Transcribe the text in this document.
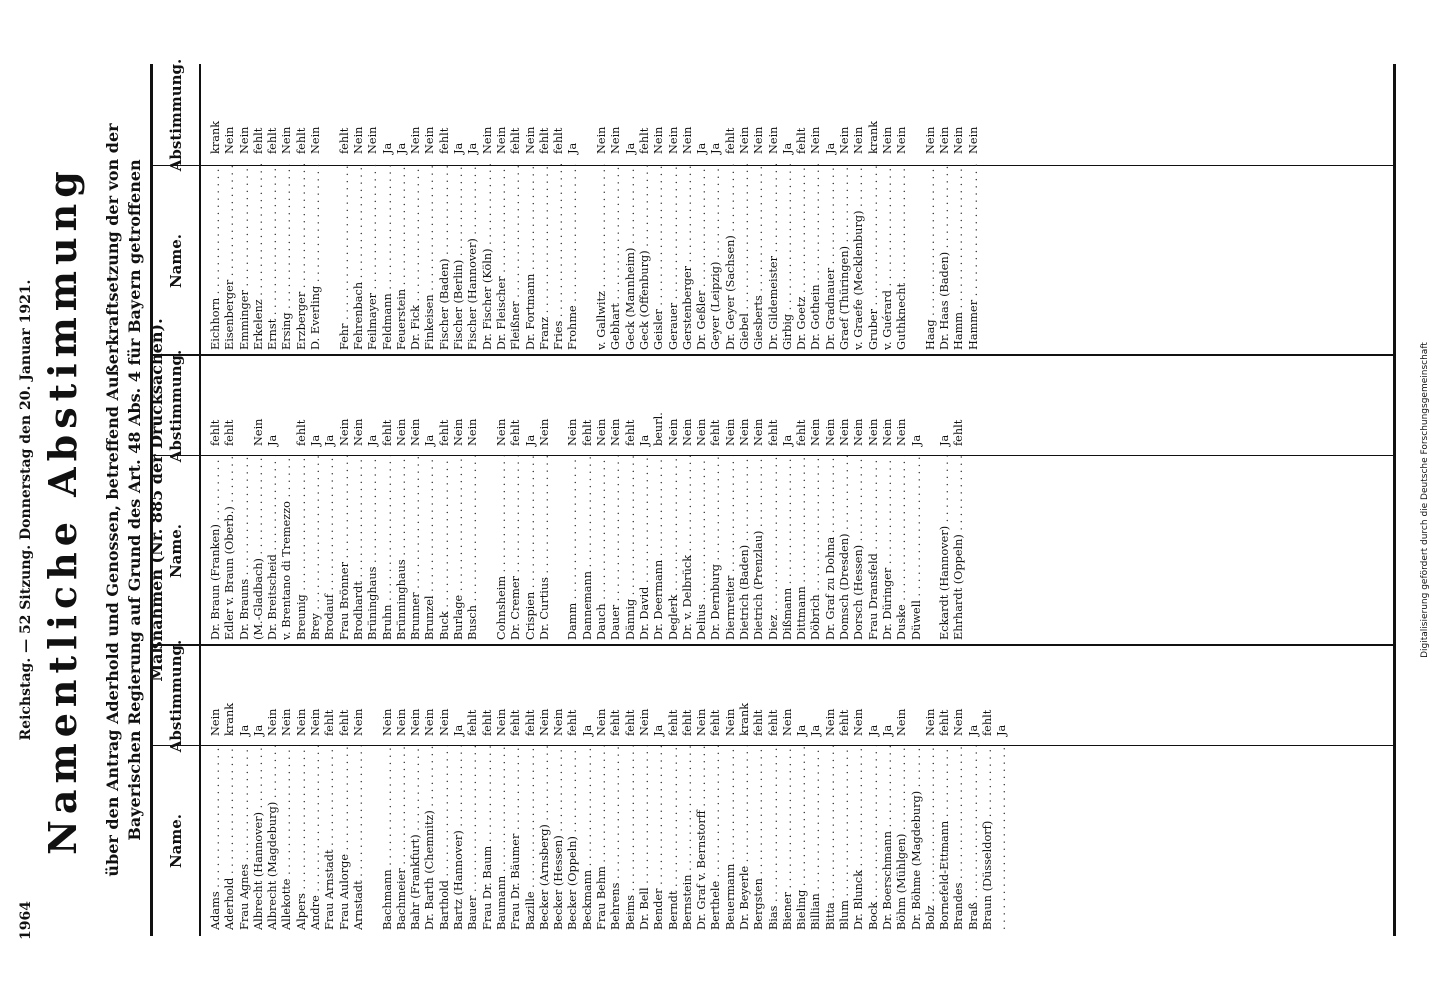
1964
Reichstag. — 52 Sitzung. Donnerstag den 20. Januar 1921. Namentliche Abstimmung über den Antrag Aderhold und Genossen, betreffend Außerkraftsetzung der von der Bayerischen Regierung auf Grund des Art. 48 Abs. 4 für Bayern getroffenen Maßnahmen (Nr. 885 der Drucksachen).
Name.
Abstimmung.
Name.
Abstimmung.
Name.
Abstimmung.
Adams . . .
Nein
Aderhold . . .
krank
Frau Agnes . . .
Ja
Albrecht (Hannover) . . .
Ja
Albrecht (Magdeburg) . . .
Nein
Allekotte . . .
Nein
Alpers . . .
Nein
Andre . . .
Nein
Frau Arnstadt . . .
fehlt
Frau Aulorge . . .
fehlt
Arnstadt . . .
Nein
Bachmann . . .
Nein
Bachmeier . . .
Nein
Bahr (Frankfurt) . . .
Nein
Dr. Barth (Chemnitz) . . .
Nein
Barthold . . .
Nein
Bartz (Hannover) . . .
Ja
Bauer . . .
fehlt
Frau Dr. Baum . . .
fehlt
Baumann . . .
Nein
Frau Dr. Bäumer . . .
fehlt
Bazille . . .
fehlt
Becker (Arnsberg) . . .
Nein
Becker (Hessen) . . .
Nein
Becker (Oppeln) . . .
fehlt
Beckmann . . .
Ja
Frau Behm . . .
Nein
Behrens . . .
fehlt
Beims . . .
fehlt
Dr. Bell . . .
Nein
Bender . . .
Ja
Berndt . . .
fehlt
Bernstein . . .
fehlt
Dr. Graf v. Bernstorff . . .
Nein
Berthele . . .
fehlt
Beuermann . . .
Nein
Dr. Beyerle . . .
krank
Bergsten . . .
fehlt
Bias . . .
fehlt
Biener . . .
Nein
Bieling . . .
Ja
Billian . . .
Ja
Bitta . . .
Nein
Blum . . .
fehlt
Dr. Blunck . . .
Nein
Bock . . .
Ja
Dr. Boerschmann . . .
Ja
Böhm (Mühlgen) . . .
Nein
Dr. Böhme (Magdeburg) . . . Bolz . . .
Nein
Bornefeld-Ettmann . . .
fehlt
Brandes . . .
Nein
Braß . . .
Ja
Braun (Düsseldorf) . . .
fehlt
. . . Ja
Dr. Braun (Franken) . . .
fehlt
Edler v. Braun (Oberb.) . . .
fehlt
Dr. Brauns . . . (M.-Gladbach) . . .
Nein
Dr. Breitscheid . . .
Ja
v. Brentano di Tremezzo . . . Breunig . . .
fehlt
Brey . . .
Ja
Brodauf . . .
Ja
Frau Brönner . . .
Nein
Brodhardt . . .
Nein
Brüninghaus . . .
Ja
Bruhn . . .
fehlt
Brünninghaus . . .
Nein
Brunner . . .
Nein
Brunzel . . .
Ja
Buck . . .
fehlt
Burlage . . .
Nein
Busch . . .
Nein
Cohnsheim . . .
Nein
Dr. Cremer . . .
fehlt
Crispien . . .
Ja
Dr. Curtius . . .
Nein
Damm . . .
Nein
Dannemann . . .
fehlt
Dauch . . .
Nein
Dauer . . .
Nein
Dännig . . .
fehlt
Dr. David . . .
Ja
Dr. Deermann . . .
beurl.
Deglerk . . .
Nein
Dr. v. Delbrück . . .
Nein
Delius . . .
Nein
Dr. Dernburg . . .
fehlt
Diernreiter . . .
Nein
Dietrich (Baden) . . .
Nein
Dietrich (Prenzlau) . . .
Nein
Diez . . .
fehlt
Dißmann . . .
Ja
Dittmann . . .
fehlt
Döbrich . . .
Nein
Dr. Graf zu Dohna . . .
Nein
Domsch (Dresden) . . .
Nein
Dorsch (Hessen) . . .
Nein
Frau Dransfeld . . .
Nein
Dr. Düringer . . .
Nein
Duske . . .
Nein
Düwell . . .
Ja
Eckardt (Hannover) . . .
Ja
Ehrhardt (Oppeln) . . .
fehlt
Eichhorn . . .
krank
Eisenberger . . .
Nein
Emminger . . .
Nein
Erkelenz . . .
fehlt
Ernst . . .
fehlt
Ersing . . .
Nein
Erzberger . . .
fehlt
D. Everling . . .
Nein
Fehr . . .
fehlt
Fehrenbach . . .
Nein
Feilmayer . . .
Nein
Feldmann . . .
Ja
Feuerstein . . .
Ja
Dr. Fick . . .
Nein
Finkeisen . . .
Nein
Fischer (Baden) . . .
fehlt
Fischer (Berlin) . . .
Ja
Fischer (Hannover) . . .
Ja
Dr. Fischer (Köln) . . .
Nein
Dr. Fleischer . . .
Nein
Fleißner . . .
fehlt
Dr. Fortmann . . .
Nein
Franz . . .
fehlt
Fries . . .
fehlt
Frohme . . .
Ja
v. Gallwitz . . .
Nein
Gebhart . . .
Nein
Geck (Mannheim) . . .
Ja
Geck (Offenburg) . . .
fehlt
Geisler . . .
Nein
Gerauer . . .
Nein
Gerstenberger . . .
Nein
Dr. Geßler . . .
Ja
Geyer (Leipzig) . . .
Ja
Dr. Geyer (Sachsen) . . .
fehlt
Giebel . . .
Nein
Giesberts . . .
Nein
Dr. Gildemeister . . .
Nein
Girbig . . .
Ja
Dr. Goetz . . .
fehlt
Dr. Gothein . . .
Nein
Dr. Gradnauer . . .
Ja
Graef (Thüringen) . . .
Nein
v. Graefe (Mecklenburg) . . .
Nein
Gruber . . .
krank
v. Guérard . . .
Nein
Guthknecht . . .
Nein
Haag . . .
Nein
Dr. Haas (Baden) . . .
Nein
Hamm . . .
Nein
Hammer . . .
Nein
Digitalisierung gefördert durch die Deutsche Forschungsgemeinschaft
